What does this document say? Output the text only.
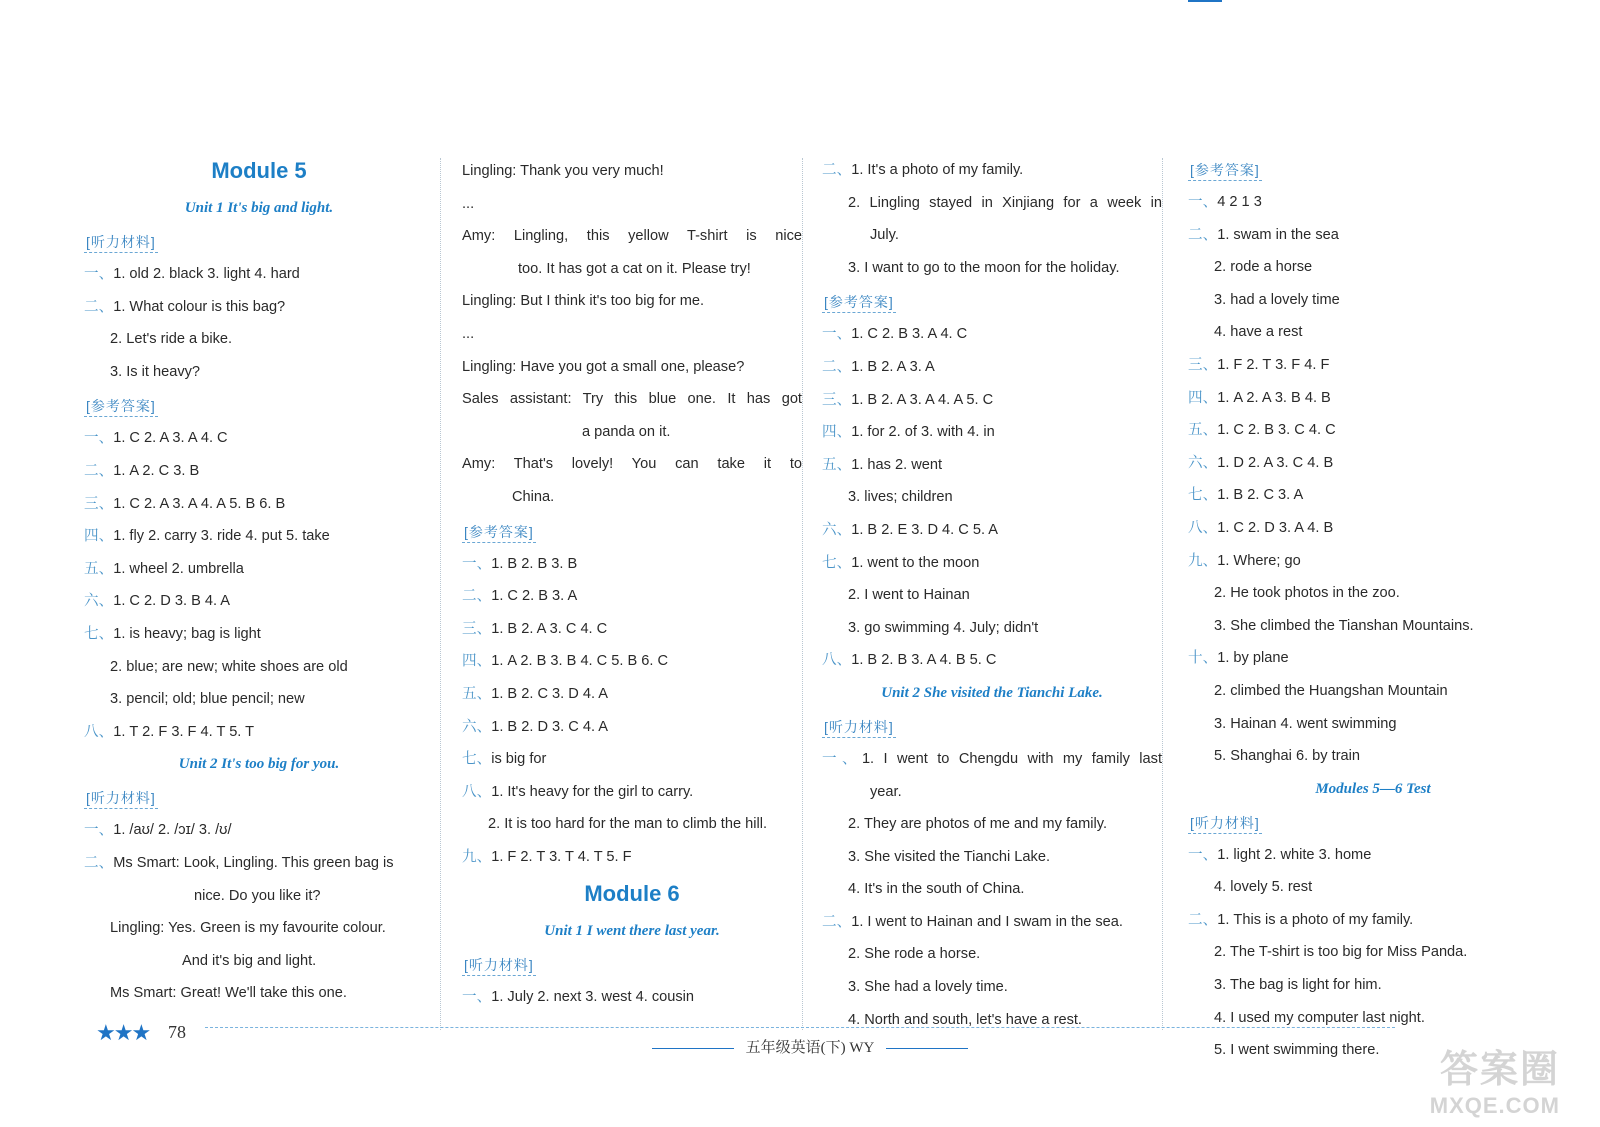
Module 5
Unit 1 It's big and light.
[ 听力材料 ]
一、1. old 2. black 3. light 4. hard
二、1. What colour is this bag?
2. Let's ride a bike.
3. Is it heavy?
[ 参考答案 ]
一、1. C 2. A 3. A 4. C
二、1. A 2. C 3. B
三、1. C 2. A 3. A 4. A 5. B 6. B
四、1. fly 2. carry 3. ride 4. put 5. take
五、1. wheel 2. umbrella
六、1. C 2. D 3. B 4. A
七、1. is heavy; bag is light
2. blue; are new; white shoes are old
3. pencil; old; blue pencil; new
八、1. T 2. F 3. F 4. T 5. T
Unit 2 It's too big for you.
[ 听力材料 ]
一、1. /aʊ/ 2. /ɔɪ/ 3. /ʊ/
二、Ms Smart: Look, Lingling. This green bag is
nice. Do you like it?
Lingling: Yes. Green is my favourite colour.
And it's big and light.
Ms Smart: Great! We'll take this one.
Lingling: Thank you very much!
...
Amy: Lingling, this yellow T-shirt is nice
too. It has got a cat on it. Please try!
Lingling: But I think it's too big for me.
...
Lingling: Have you got a small one, please?
Sales assistant: Try this blue one. It has got
a panda on it.
Amy: That's lovely! You can take it to
China.
[ 参考答案 ]
一、1. B 2. B 3. B
二、1. C 2. B 3. A
三、1. B 2. A 3. C 4. C
四、1. A 2. B 3. B 4. C 5. B 6. C
五、1. B 2. C 3. D 4. A
六、1. B 2. D 3. C 4. A
七、is big for
八、1. It's heavy for the girl to carry.
2. It is too hard for the man to climb the hill.
九、1. F 2. T 3. T 4. T 5. F
Module 6
Unit 1 I went there last year.
[ 听力材料 ]
一、1. July 2. next 3. west 4. cousin
二、1. It's a photo of my family.
2. Lingling stayed in Xinjiang for a week in
July.
3. I want to go to the moon for the holiday.
[ 参考答案 ]
一、1. C 2. B 3. A 4. C
二、1. B 2. A 3. A
三、1. B 2. A 3. A 4. A 5. C
四、1. for 2. of 3. with 4. in
五、1. has 2. went
3. lives; children
六、1. B 2. E 3. D 4. C 5. A
七、1. went to the moon
2. I went to Hainan
3. go swimming 4. July; didn't
八、1. B 2. B 3. A 4. B 5. C
Unit 2 She visited the Tianchi Lake.
[ 听力材料 ]
一、1. I went to Chengdu with my family last
year.
2. They are photos of me and my family.
3. She visited the Tianchi Lake.
4. It's in the south of China.
二、1. I went to Hainan and I swam in the sea.
2. She rode a horse.
3. She had a lovely time.
4. North and south, let's have a rest.
[ 参考答案 ]
一、4 2 1 3
二、1. swam in the sea
2. rode a horse
3. had a lovely time
4. have a rest
三、1. F 2. T 3. F 4. F
四、1. A 2. A 3. B 4. B
五、1. C 2. B 3. C 4. C
六、1. D 2. A 3. C 4. B
七、1. B 2. C 3. A
八、1. C 2. D 3. A 4. B
九、1. Where; go
2. He took photos in the zoo.
3. She climbed the Tianshan Mountains.
十、1. by plane
2. climbed the Huangshan Mountain
3. Hainan 4. went swimming
5. Shanghai 6. by train
Modules 5—6 Test
[ 听力材料 ]
一、1. light 2. white 3. home
4. lovely 5. rest
二、1. This is a photo of my family.
2. The T-shirt is too big for Miss Panda.
3. The bag is light for him.
4. I used my computer last night.
5. I went swimming there.
★★★ 78
五年级英语(下) WY
答案圈
MXQE.COM
